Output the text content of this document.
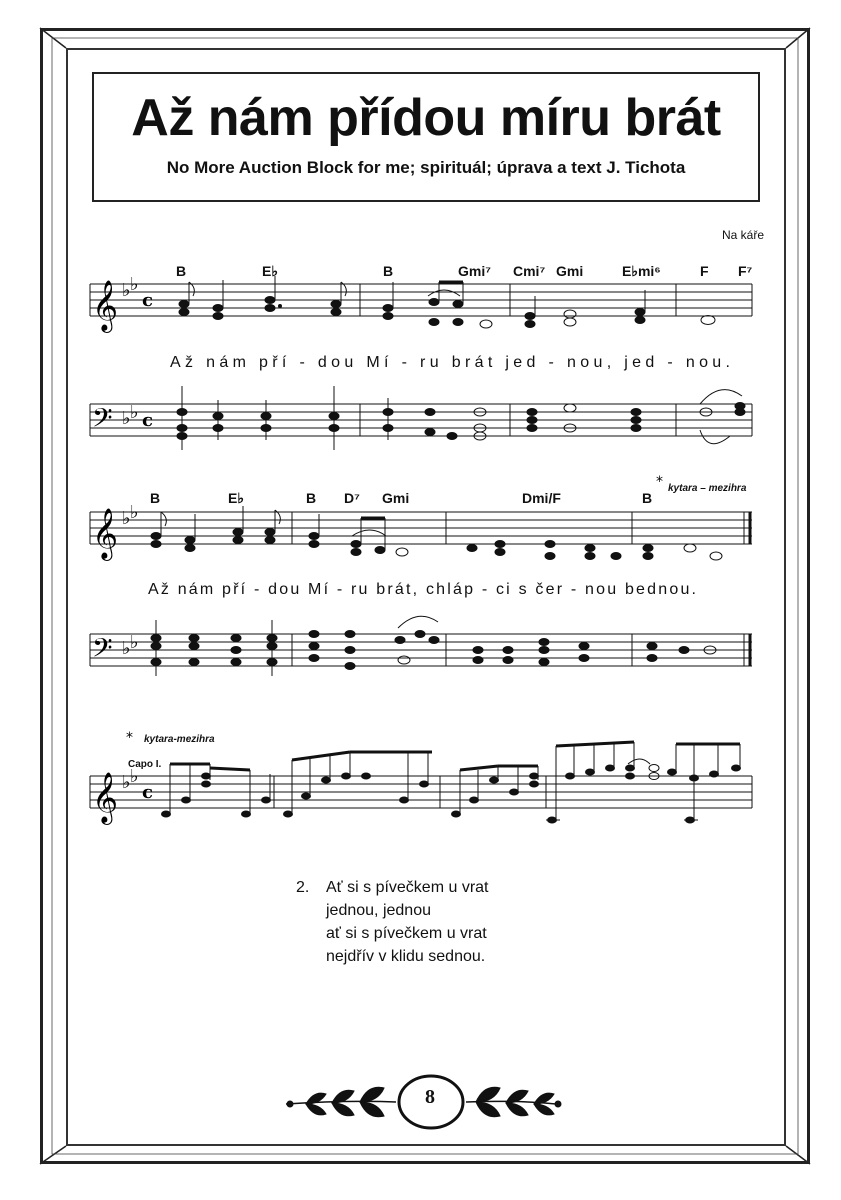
Až nám přídou míru brát

No More Auction Block for me; spirituál; úprava a text J. Tichota

Na káře
𝄞 ♭ ♭
c
B	E♭	B	Gmi⁷ Cmi⁷ Gmi	E♭mi⁶	F F⁷
Až nám pří - dou Mí - ru brát jed - nou, jed - nou.
𝄢 ♭ ♭ c
𝄞 ♭ ♭
B	E♭	B D⁷ Gmi	Dmi/F	B
* kytara – mezihra
Až nám pří - dou Mí - ru brát, chláp - ci s čer - nou bednou.
𝄢 ♭ ♭
* kytara-mezihra
Capo I.
𝄞 ♭ ♭
c
2. Ať si s pívečkem u vrat
jednou, jednou
ať si s pívečkem u vrat
nejdřív v klidu sednou.
8
